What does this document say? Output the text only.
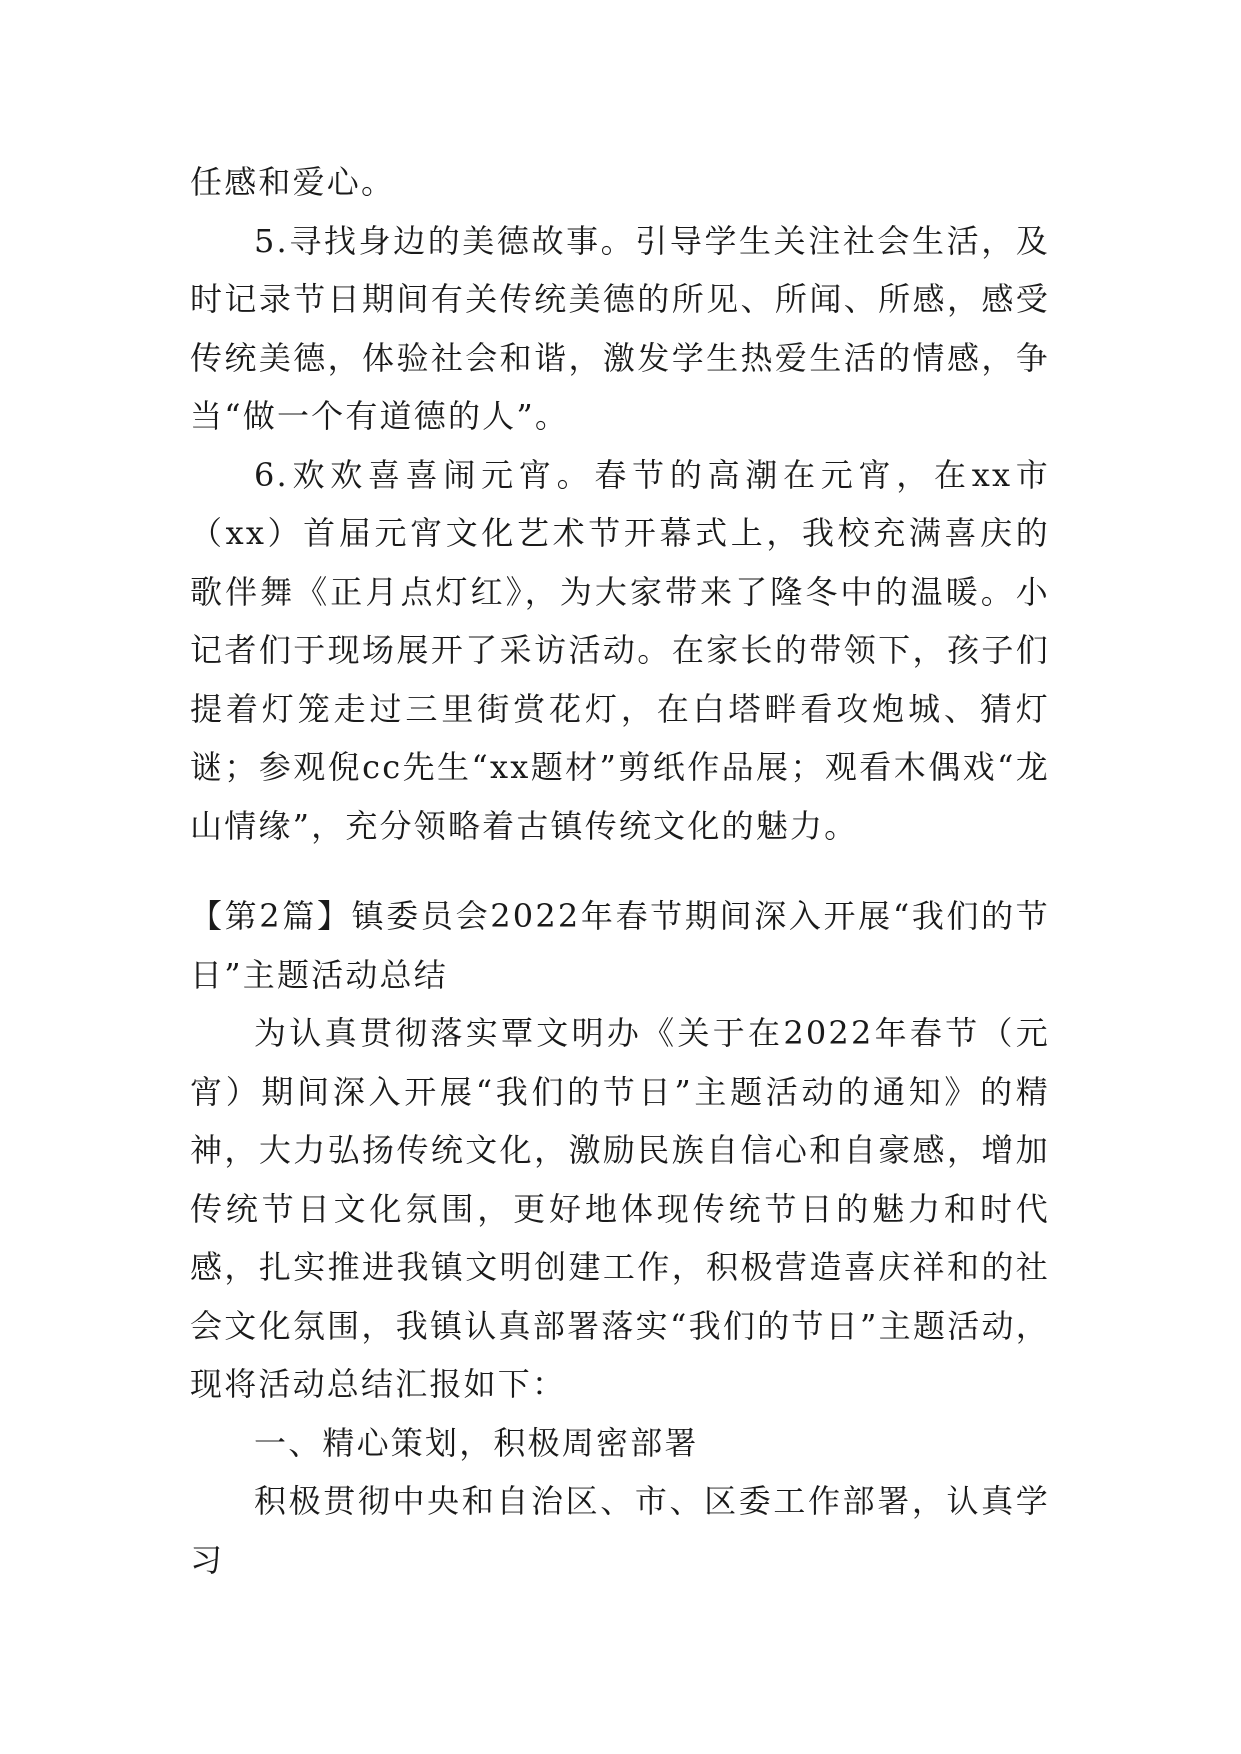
任感和爱心。

5.寻找身边的美德故事。引导学生关注社会生活，及时记录节日期间有关传统美德的所见、所闻、所感，感受传统美德，体验社会和谐，激发学生热爱生活的情感，争当“做一个有道德的人”。

6.欢欢喜喜闹元宵。春节的高潮在元宵，在xx市（xx）首届元宵文化艺术节开幕式上，我校充满喜庆的歌伴舞《正月点灯红》，为大家带来了隆冬中的温暖。小记者们于现场展开了采访活动。在家长的带领下，孩子们提着灯笼走过三里街赏花灯，在白塔畔看攻炮城、猜灯谜；参观倪cc先生“xx题材”剪纸作品展；观看木偶戏“龙山情缘”，充分领略着古镇传统文化的魅力。

【第2篇】镇委员会2022年春节期间深入开展“我们的节日”主题活动总结

为认真贯彻落实覃文明办《关于在2022年春节（元宵）期间深入开展“我们的节日”主题活动的通知》的精神，大力弘扬传统文化，激励民族自信心和自豪感，增加传统节日文化氛围，更好地体现传统节日的魅力和时代感，扎实推进我镇文明创建工作，积极营造喜庆祥和的社会文化氛围，我镇认真部署落实“我们的节日”主题活动，现将活动总结汇报如下：

一、精心策划，积极周密部署

积极贯彻中央和自治区、市、区委工作部署，认真学习
